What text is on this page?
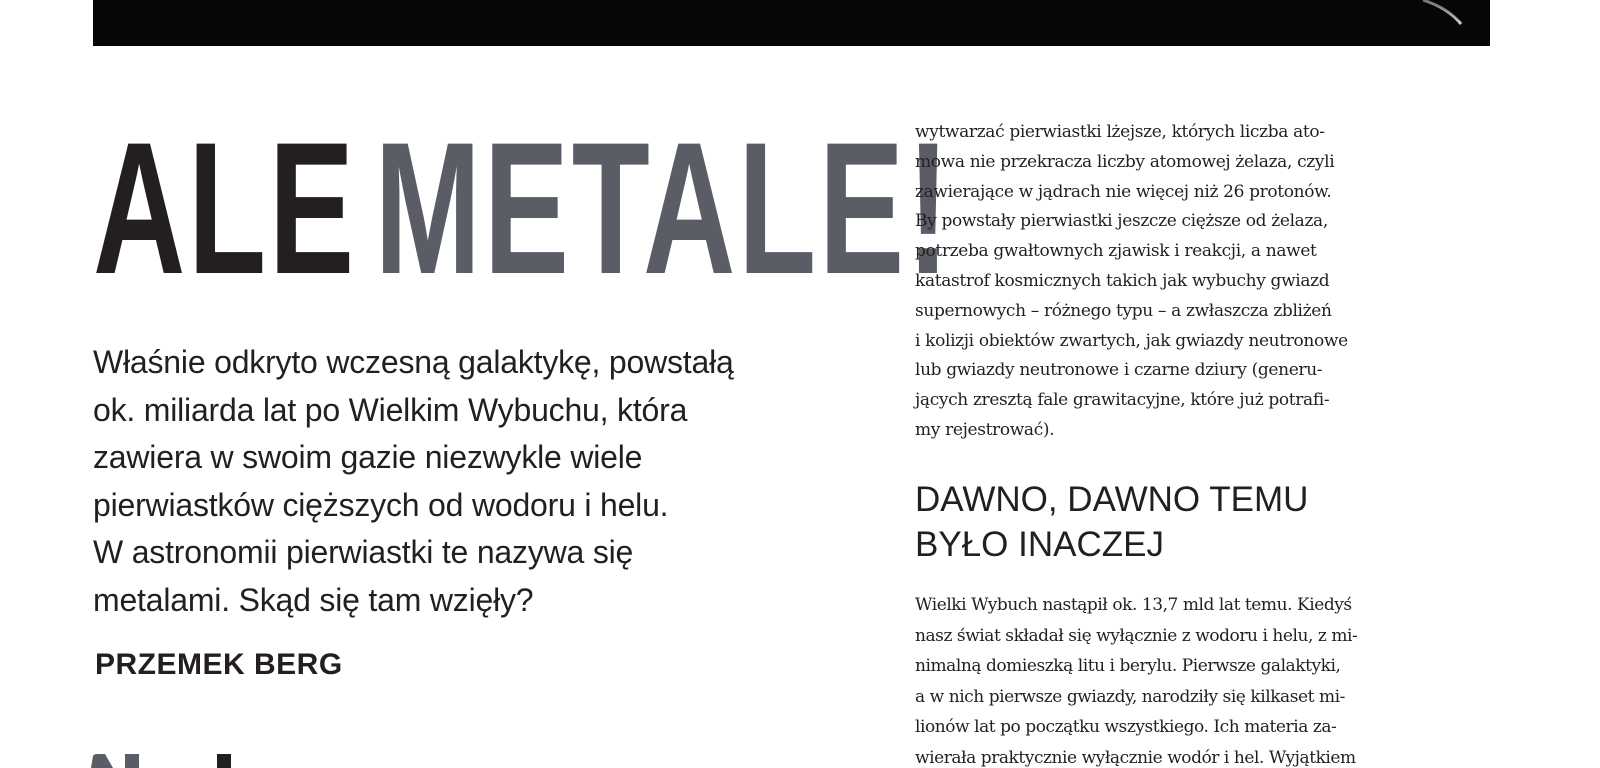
ALEMETALE!
Właśnie odkryto wczesną galaktykę, powstałą
ok. miliarda lat po Wielkim Wybuchu, która
zawiera w swoim gazie niezwykle wiele
pierwiastków cięższych od wodoru i helu.
W astronomii pierwiastki te nazywa się
metalami. Skąd się tam wzięły?
PRZEMEK BERG
wytwarzać pierwiastki lżejsze, których liczba ato-
mowa nie przekracza liczby atomowej żelaza, czyli
zawierające w jądrach nie więcej niż 26 protonów.
By powstały pierwiastki jeszcze cięższe od żelaza,
potrzeba gwałtownych zjawisk i reakcji, a nawet
katastrof kosmicznych takich jak wybuchy gwiazd
supernowych – różnego typu – a zwłaszcza zbliżeń
i kolizji obiektów zwartych, jak gwiazdy neutronowe
lub gwiazdy neutronowe i czarne dziury (generu-
jących zresztą fale grawitacyjne, które już potrafi-
my rejestrować).
DAWNO, DAWNO TEMU
BYŁO INACZEJ
Wielki Wybuch nastąpił ok. 13,7 mld lat temu. Kiedyś
nasz świat składał się wyłącznie z wodoru i helu, z mi-
nimalną domieszką litu i berylu. Pierwsze galaktyki,
a w nich pierwsze gwiazdy, narodziły się kilkaset mi-
lionów lat po początku wszystkiego. Ich materia za-
wierała praktycznie wyłącznie wodór i hel. Wyjątkiem
